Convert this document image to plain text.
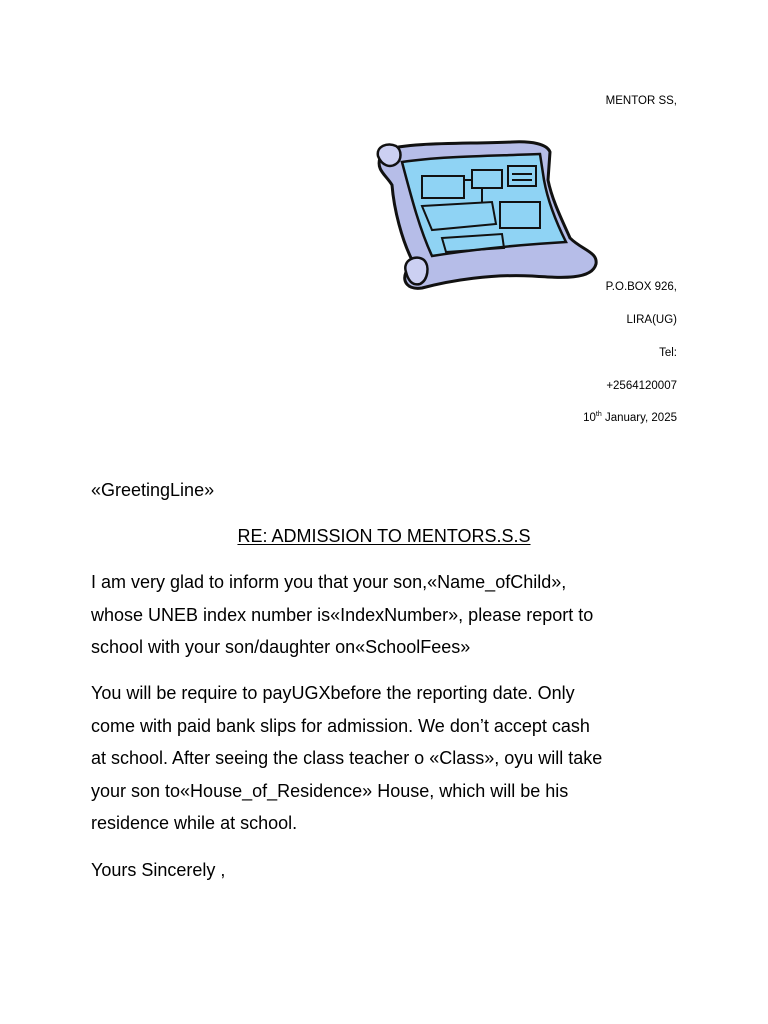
MENTOR SS,
P.O.BOX 926,
LIRA(UG)
Tel:
+2564120007
10th January, 2025
«GreetingLine»
RE: ADMISSION TO MENTORS.S.S
I am very glad to inform you that your son,«Name_ofChild»,
whose UNEB index number is«IndexNumber», please report to
school with your son/daughter on«SchoolFees»
You will be require to payUGXbefore the reporting date. Only
come with paid bank slips for admission. We don’t accept cash
at school. After seeing the class teacher o «Class», oyu will take
your son to«House_of_Residence» House, which will be his
residence while at school.
Yours Sincerely ,
